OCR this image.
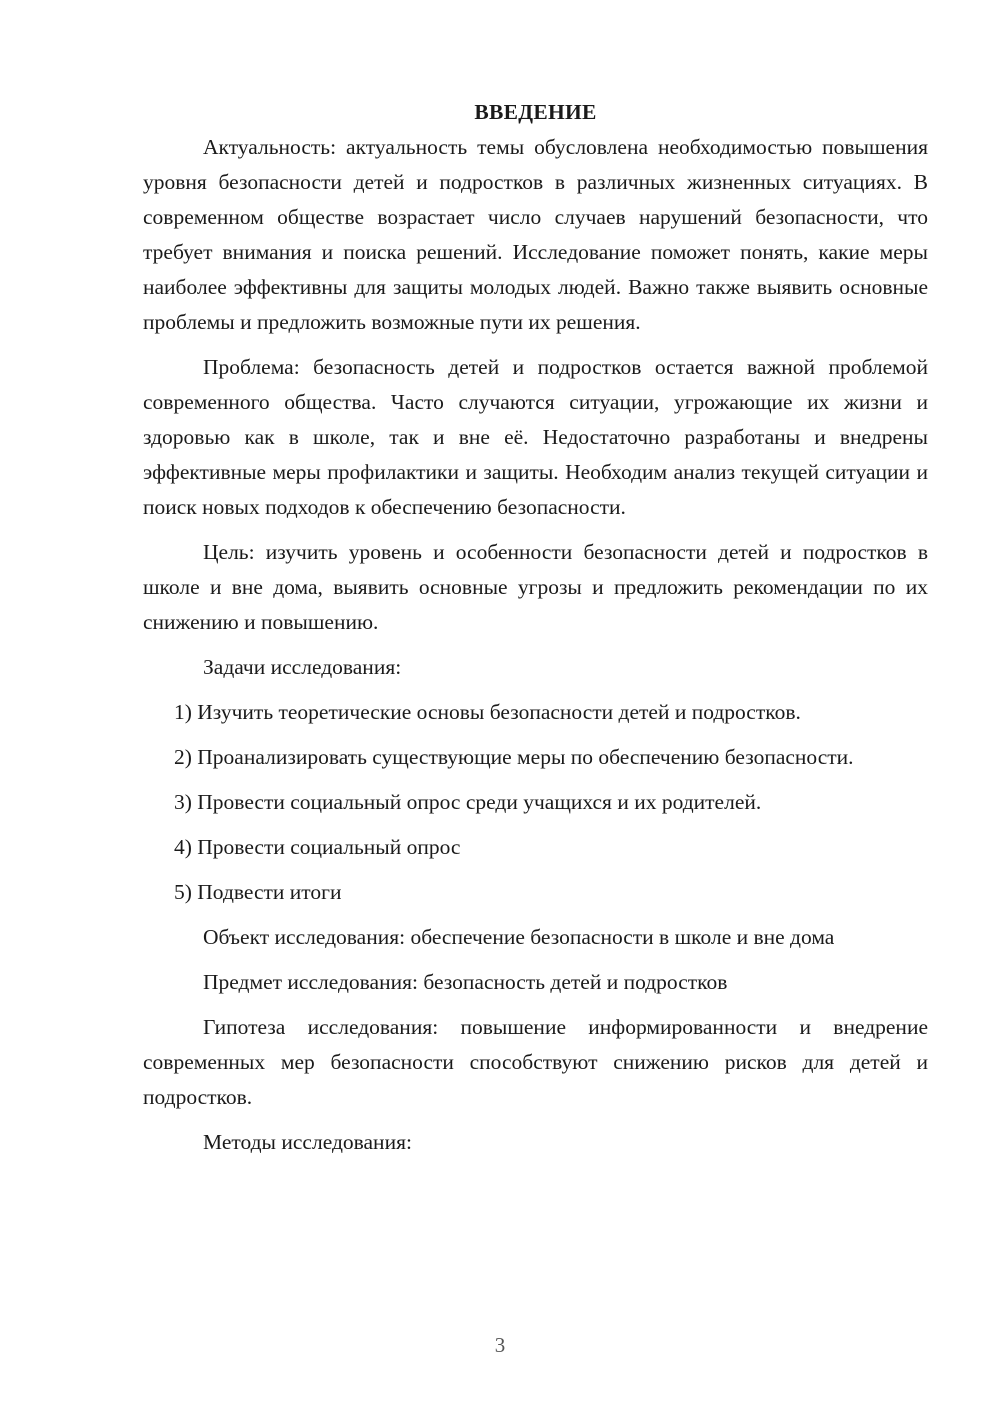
ВВЕДЕНИЕ

Актуальность: актуальность темы обусловлена необходимостью повышения уровня безопасности детей и подростков в различных жизненных ситуациях. В современном обществе возрастает число случаев нарушений безопасности, что требует внимания и поиска решений. Исследование поможет понять, какие меры наиболее эффективны для защиты молодых людей. Важно также выявить основные проблемы и предложить возможные пути их решения.

Проблема: безопасность детей и подростков остается важной проблемой современного общества. Часто случаются ситуации, угрожающие их жизни и здоровью как в школе, так и вне её. Недостаточно разработаны и внедрены эффективные меры профилактики и защиты. Необходим анализ текущей ситуации и поиск новых подходов к обеспечению безопасности.

Цель: изучить уровень и особенности безопасности детей и подростков в школе и вне дома, выявить основные угрозы и предложить рекомендации по их снижению и повышению.

Задачи исследования:

1) Изучить теоретические основы безопасности детей и подростков.

2) Проанализировать существующие меры по обеспечению безопасности.

3) Провести социальный опрос среди учащихся и их родителей.

4) Провести социальный опрос

5) Подвести итоги

Объект исследования: обеспечение безопасности в школе и вне дома

Предмет исследования: безопасность детей и подростков

Гипотеза исследования: повышение информированности и внедрение современных мер безопасности способствуют снижению рисков для детей и подростков.

Методы исследования:

3
